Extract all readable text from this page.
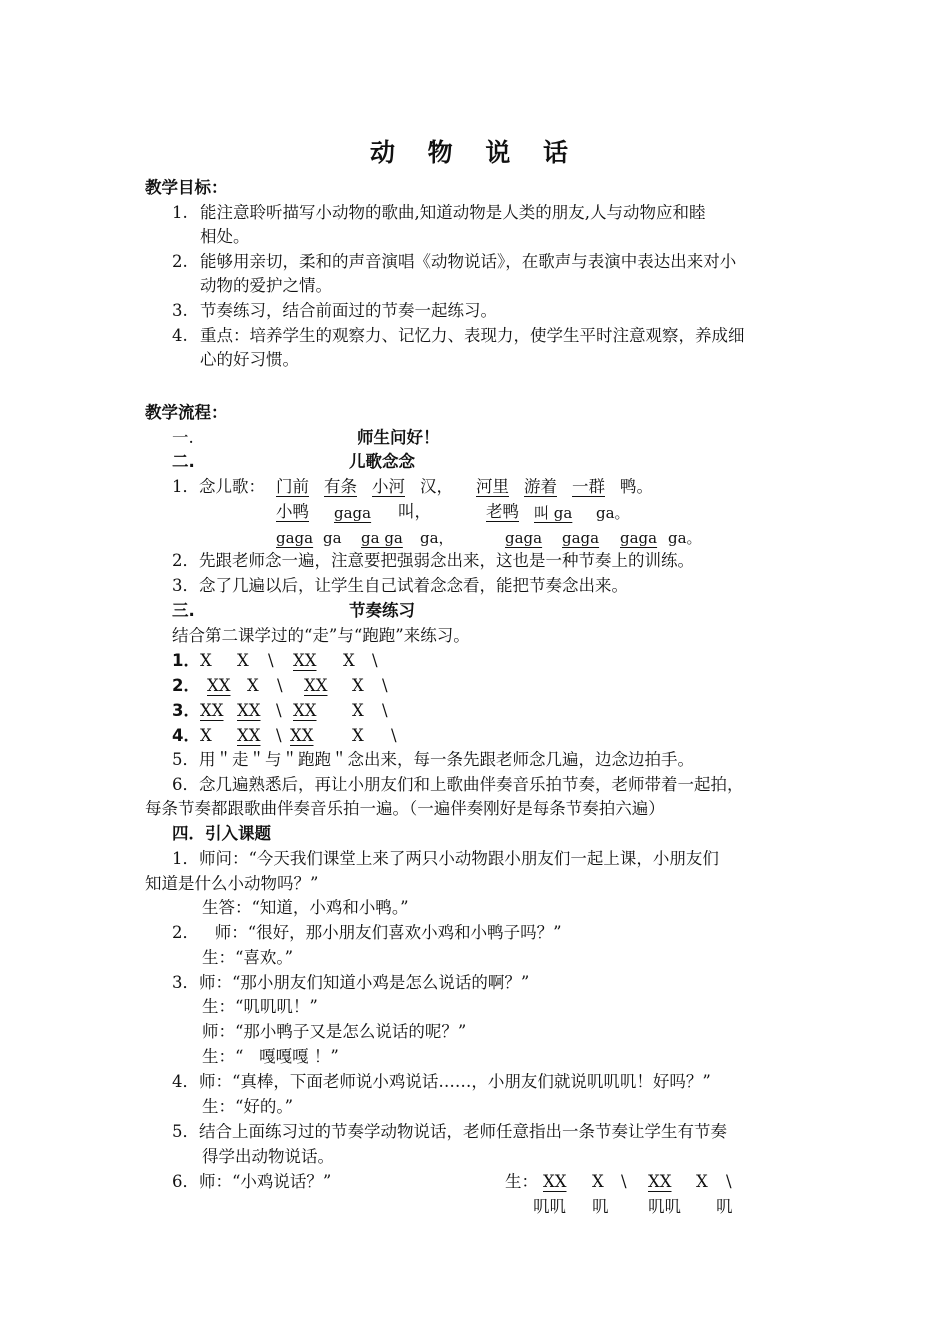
动 物 说 话
教学目标：
1. 能注意聆听描写小动物的歌曲,知道动物是人类的朋友,人与动物应和睦
相处。
2. 能够用亲切，柔和的声音演唱《动物说话》，在歌声与表演中表达出来对小
动物的爱护之情。
3. 节奏练习，结合前面过的节奏一起练习。
4. 重点：培养学生的观察力、记忆力、表现力，使学生平时注意观察，养成细
心的好习惯。
教学流程：
一.	师生问好！
二.	儿歌念念
1．念儿歌： 门前 有条 小河 汉， 河里 游着 一群 鸭。
小鸭 gaga 叫，	老鸭 叫 ga ga。
gaga ga ga ga ga，	gaga gaga gaga ga。
2．先跟老师念一遍，注意要把强弱念出来，这也是一种节奏上的训练。
3．念了几遍以后，让学生自己试着念念看，能把节奏念出来。
三.	节奏练习
结合第二课学过的“走”与“跑跑”来练习。
1． X X \ XX X \
2． XX X \ XX X \
3． XX XX \ XX X \
4． X XX \ XX X \
5．用＂走＂与＂跑跑＂念出来，每一条先跟老师念几遍，边念边拍手。
6．念几遍熟悉后，再让小朋友们和上歌曲伴奏音乐拍节奏，老师带着一起拍，
每条节奏都跟歌曲伴奏音乐拍一遍。（一遍伴奏刚好是每条节奏拍六遍）
四．引入课题
1．师问：“今天我们课堂上来了两只小动物跟小朋友们一起上课，小朋友们
知道是什么小动物吗？”
生答：“知道，小鸡和小鸭。”
2．   师：“很好，那小朋友们喜欢小鸡和小鸭子吗？”
生：“喜欢。”
3．师：“那小朋友们知道小鸡是怎么说话的啊？”
生：“叽叽叽！”
师：“那小鸭子又是怎么说话的呢？”
生：“   嘎嘎嘎 ！”
4．师：“真棒，下面老师说小鸡说话……，小朋友们就说叽叽叽！好吗？”
生：“好的。”
5．结合上面练习过的节奏学动物说话，老师任意指出一条节奏让学生有节奏
得学出动物说话。
6．师：“小鸡说话？”	生： XX X \ XX X \
叽叽 叽 叽叽 叽
